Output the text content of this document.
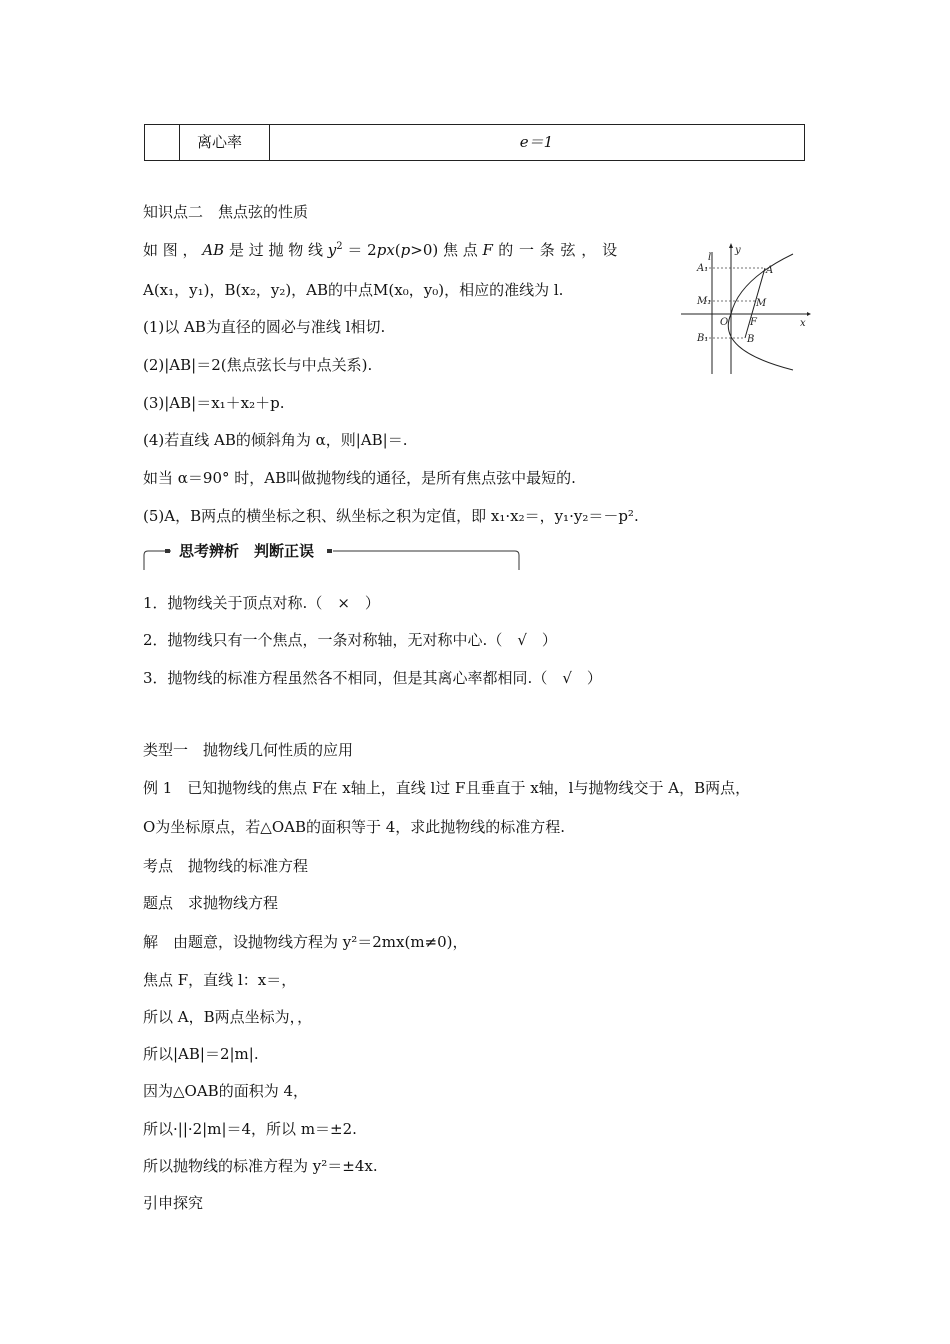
离心率	e＝1
知识点二　焦点弦的性质
如 图 ， AB 是 过 抛 物 线 $y^2 = 2px(p>0)$ 焦 点 F 的 一 条 弦 ， 设
A(x₁，y₁)，B(x₂，y₂)，AB的中点M(x₀，y₀)，相应的准线为 l.
(1)以 AB为直径的圆必与准线 l相切.
(2)|AB|＝2(焦点弦长与中点关系).
(3)|AB|＝x₁＋x₂＋p.
(4)若直线 AB的倾斜角为 α，则|AB|＝.
如当 α＝90° 时，AB叫做抛物线的通径，是所有焦点弦中最短的.
(5)A，B两点的横坐标之积、纵坐标之积为定值，即 x₁·x₂＝，y₁·y₂＝－p².
A₁
M₁
B₁
l
y
x
A
M
O F
B
思考辨析　判断正误
1．抛物线关于顶点对称.（　×　）
2．抛物线只有一个焦点，一条对称轴，无对称中心.（　√　）
3．抛物线的标准方程虽然各不相同，但是其离心率都相同.（　√　）
类型一　抛物线几何性质的应用
例 1　已知抛物线的焦点 F在 x轴上，直线 l过 F且垂直于 x轴，l与抛物线交于 A，B两点，
O为坐标原点，若△OAB的面积等于 4，求此抛物线的标准方程.
考点　抛物线的标准方程
题点　求抛物线方程
解　由题意，设抛物线方程为 y²＝2mx(m≠0)，
焦点 F，直线 l：x＝，
所以 A，B两点坐标为，，
所以|AB|＝2|m|.
因为△OAB的面积为 4，
所以·||·2|m|＝4，所以 m＝±2.
所以抛物线的标准方程为 y²＝±4x.
引申探究
